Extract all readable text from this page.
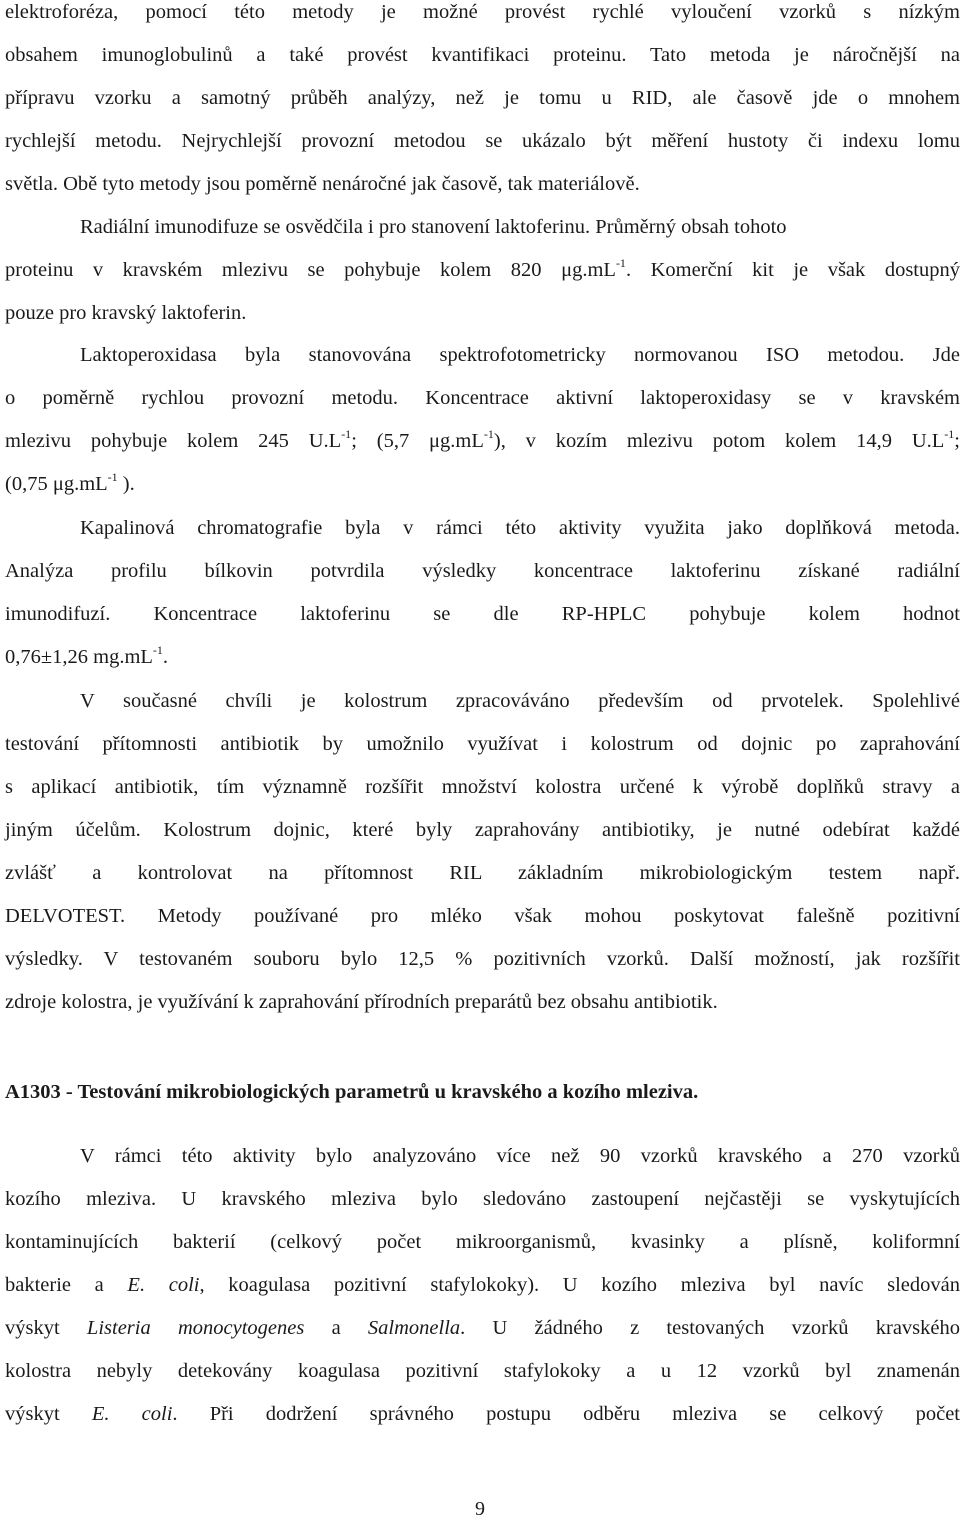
elektroforéza, pomocí této metody je možné provést rychlé vyloučení vzorků s nízkým
obsahem imunoglobulinů a také provést kvantifikaci proteinu. Tato metoda je náročnější na
přípravu vzorku a samotný průběh analýzy, než je tomu u RID, ale časově jde o mnohem
rychlejší metodu. Nejrychlejší provozní metodou se ukázalo být měření hustoty či indexu lomu
světla. Obě tyto metody jsou poměrně nenáročné jak časově, tak materiálově.
Radiální imunodifuze se osvědčila i pro stanovení laktoferinu. Průměrný obsah tohoto
proteinu v kravském mlezivu se pohybuje kolem 820 $\mu g.mL^{-1}$. Komerční kit je však dostupný
pouze pro kravský laktoferin.
Laktoperoxidasa byla stanovována spektrofotometricky normovanou ISO metodou. Jde
o poměrně rychlou provozní metodu. Koncentrace aktivní laktoperoxidasy se v kravském
mlezivu pohybuje kolem 245 $U.L^{-1}$; (5,7 $\mu g.mL^{-1}$), v kozím mlezivu potom kolem 14,9 $U.L^{-1}$;
(0,75 $\mu g.mL^{-1}$ ).
Kapalinová chromatografie byla v rámci této aktivity využita jako doplňková metoda.
Analýza profilu bílkovin potvrdila výsledky koncentrace laktoferinu získané radiální
imunodifuzí. Koncentrace laktoferinu se dle RP-HPLC pohybuje kolem hodnot
0,76±1,26 $mg.mL^{-1}$.
V současné chvíli je kolostrum zpracováváno především od prvotelek. Spolehlivé
testování přítomnosti antibiotik by umožnilo využívat i kolostrum od dojnic po zaprahování
s aplikací antibiotik, tím významně rozšířit množství kolostra určené k výrobě doplňků stravy a
jiným účelům. Kolostrum dojnic, které byly zaprahovány antibiotiky, je nutné odebírat každé
zvlášť a kontrolovat na přítomnost RIL základním mikrobiologickým testem např.
DELVOTEST. Metody používané pro mléko však mohou poskytovat falešně pozitivní
výsledky. V testovaném souboru bylo 12,5 % pozitivních vzorků. Další možností, jak rozšířit
zdroje kolostra, je využívání k zaprahování přírodních preparátů bez obsahu antibiotik.
V rámci této aktivity bylo analyzováno více než 90 vzorků kravského a 270 vzorků
kozího mleziva. U kravského mleziva bylo sledováno zastoupení nejčastěji se vyskytujících
kontaminujících bakterií (celkový počet mikroorganismů, kvasinky a plísně, koliformní
bakterie a E. coli, koagulasa pozitivní stafylokoky). U kozího mleziva byl navíc sledován
výskyt Listeria monocytogenes a Salmonella. U žádného z testovaných vzorků kravského
kolostra nebyly detekovány koagulasa pozitivní stafylokoky a u 12 vzorků byl znamenán
výskyt E. coli. Při dodržení správného postupu odběru mleziva se celkový počet
A1303 - Testování mikrobiologických parametrů u kravského a kozího mleziva.
9
